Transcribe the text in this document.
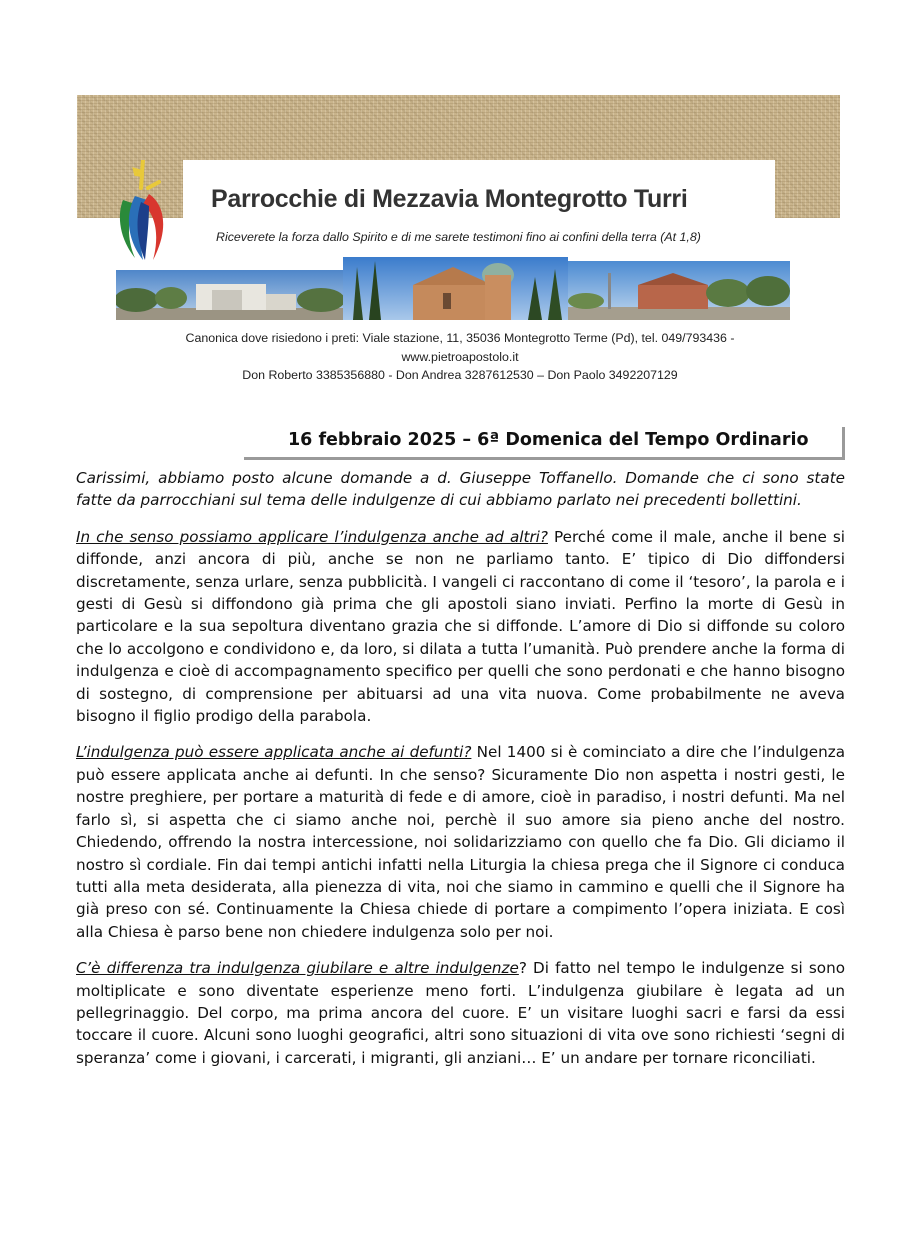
Parrocchie di Mezzavia Montegrotto Turri
Riceverete la forza dallo Spirito e di me sarete testimoni fino ai confini della terra (At 1,8)
Canonica dove risiedono i preti: Viale stazione, 11, 35036 Montegrotto Terme (Pd), tel. 049/793436 -
www.pietroapostolo.it
Don Roberto 3385356880 - Don Andrea 3287612530 – Don Paolo 3492207129
16 febbraio 2025 – 6ª Domenica del Tempo Ordinario

Carissimi, abbiamo posto alcune domande a d. Giuseppe Toffanello. Domande che ci sono state fatte da parrocchiani sul tema delle indulgenze di cui abbiamo parlato nei precedenti bollettini.

In che senso possiamo applicare l’indulgenza anche ad altri? Perché come il male, anche il bene si diffonde, anzi ancora di più, anche se non ne parliamo tanto. E’ tipico di Dio diffondersi discretamente, senza urlare, senza pubblicità. I vangeli ci raccontano di come il ‘tesoro’, la parola e i gesti di Gesù si diffondono già prima che gli apostoli siano inviati. Perfino la morte di Gesù in particolare e la sua sepoltura diventano grazia che si diffonde. L’amore di Dio si diffonde su coloro che lo accolgono e condividono e, da loro, si dilata a tutta l’umanità. Può prendere anche la forma di indulgenza e cioè di accompagnamento specifico per quelli che sono perdonati e che hanno bisogno di sostegno, di comprensione per abituarsi ad una vita nuova. Come probabilmente ne aveva bisogno il figlio prodigo della parabola.

L’indulgenza può essere applicata anche ai defunti? Nel 1400 si è cominciato a dire che l’indulgenza può essere applicata anche ai defunti. In che senso? Sicuramente Dio non aspetta i nostri gesti, le nostre preghiere, per portare a maturità di fede e di amore, cioè in paradiso, i nostri defunti. Ma nel farlo sì, si aspetta che ci siamo anche noi, perchè il suo amore sia pieno anche del nostro. Chiedendo, offrendo la nostra intercessione, noi solidarizziamo con quello che fa Dio. Gli diciamo il nostro sì cordiale. Fin dai tempi antichi infatti nella Liturgia la chiesa prega che il Signore ci conduca tutti alla meta desiderata, alla pienezza di vita, noi che siamo in cammino e quelli che il Signore ha già preso con sé. Continuamente la Chiesa chiede di portare a compimento l’opera iniziata. E così alla Chiesa è parso bene non chiedere indulgenza solo per noi.

C’è differenza tra indulgenza giubilare e altre indulgenze? Di fatto nel tempo le indulgenze si sono moltiplicate e sono diventate esperienze meno forti. L’indulgenza giubilare è legata ad un pellegrinaggio. Del corpo, ma prima ancora del cuore. E’ un visitare luoghi sacri e farsi da essi toccare il cuore. Alcuni sono luoghi geografici, altri sono situazioni di vita ove sono richiesti ‘segni di speranza’ come i giovani, i carcerati, i migranti, gli anziani… E’ un andare per tornare riconciliati.
